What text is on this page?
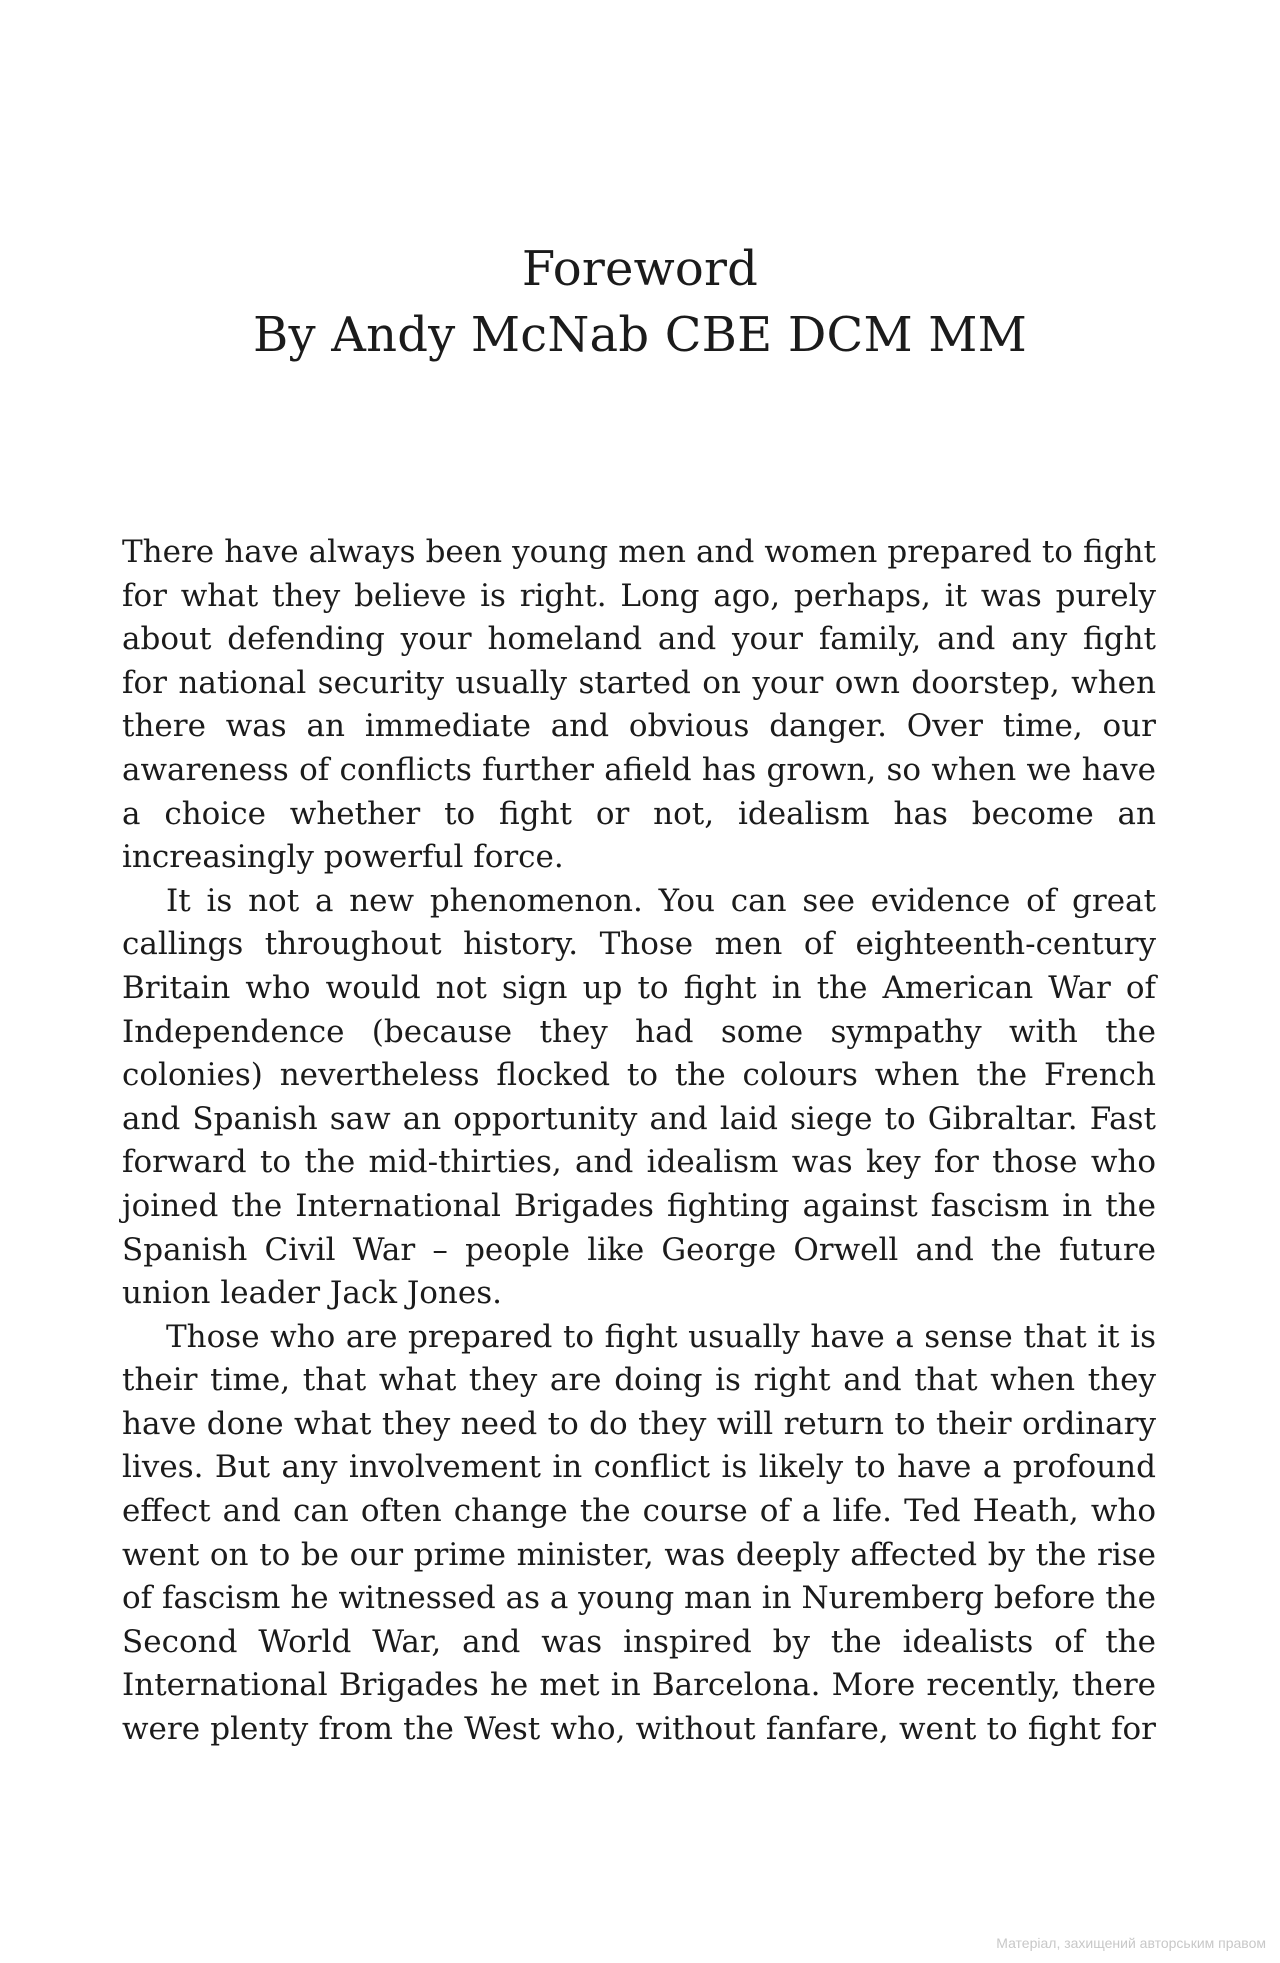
Foreword
By Andy McNab CBE DCM MM

There have always been young men and women prepared to fight for what they believe is right. Long ago, perhaps, it was purely about defending your homeland and your family, and any fight for national security usually started on your own doorstep, when there was an immediate and obvious danger. Over time, our awareness of conflicts further afield has grown, so when we have a choice whether to fight or not, idealism has become an increasingly powerful force.

It is not a new phenomenon. You can see evidence of great callings throughout history. Those men of eighteenth-century Britain who would not sign up to fight in the American War of Independence (because they had some sympathy with the colonies) nevertheless flocked to the colours when the French and Spanish saw an opportunity and laid siege to Gibraltar. Fast forward to the mid-thirties, and idealism was key for those who joined the International Brigades fighting against fascism in the Spanish Civil War – people like George Orwell and the future union leader Jack Jones.

Those who are prepared to fight usually have a sense that it is their time, that what they are doing is right and that when they have done what they need to do they will return to their ordinary lives. But any involvement in conflict is likely to have a profound effect and can often change the course of a life. Ted Heath, who went on to be our prime minister, was deeply affected by the rise of fascism he witnessed as a young man in Nuremberg before the Second World War, and was inspired by the idealists of the International Brigades he met in Barcelona. More recently, there were plenty from the West who, without fanfare, went to fight for

Матеріал, захищений авторським правом
